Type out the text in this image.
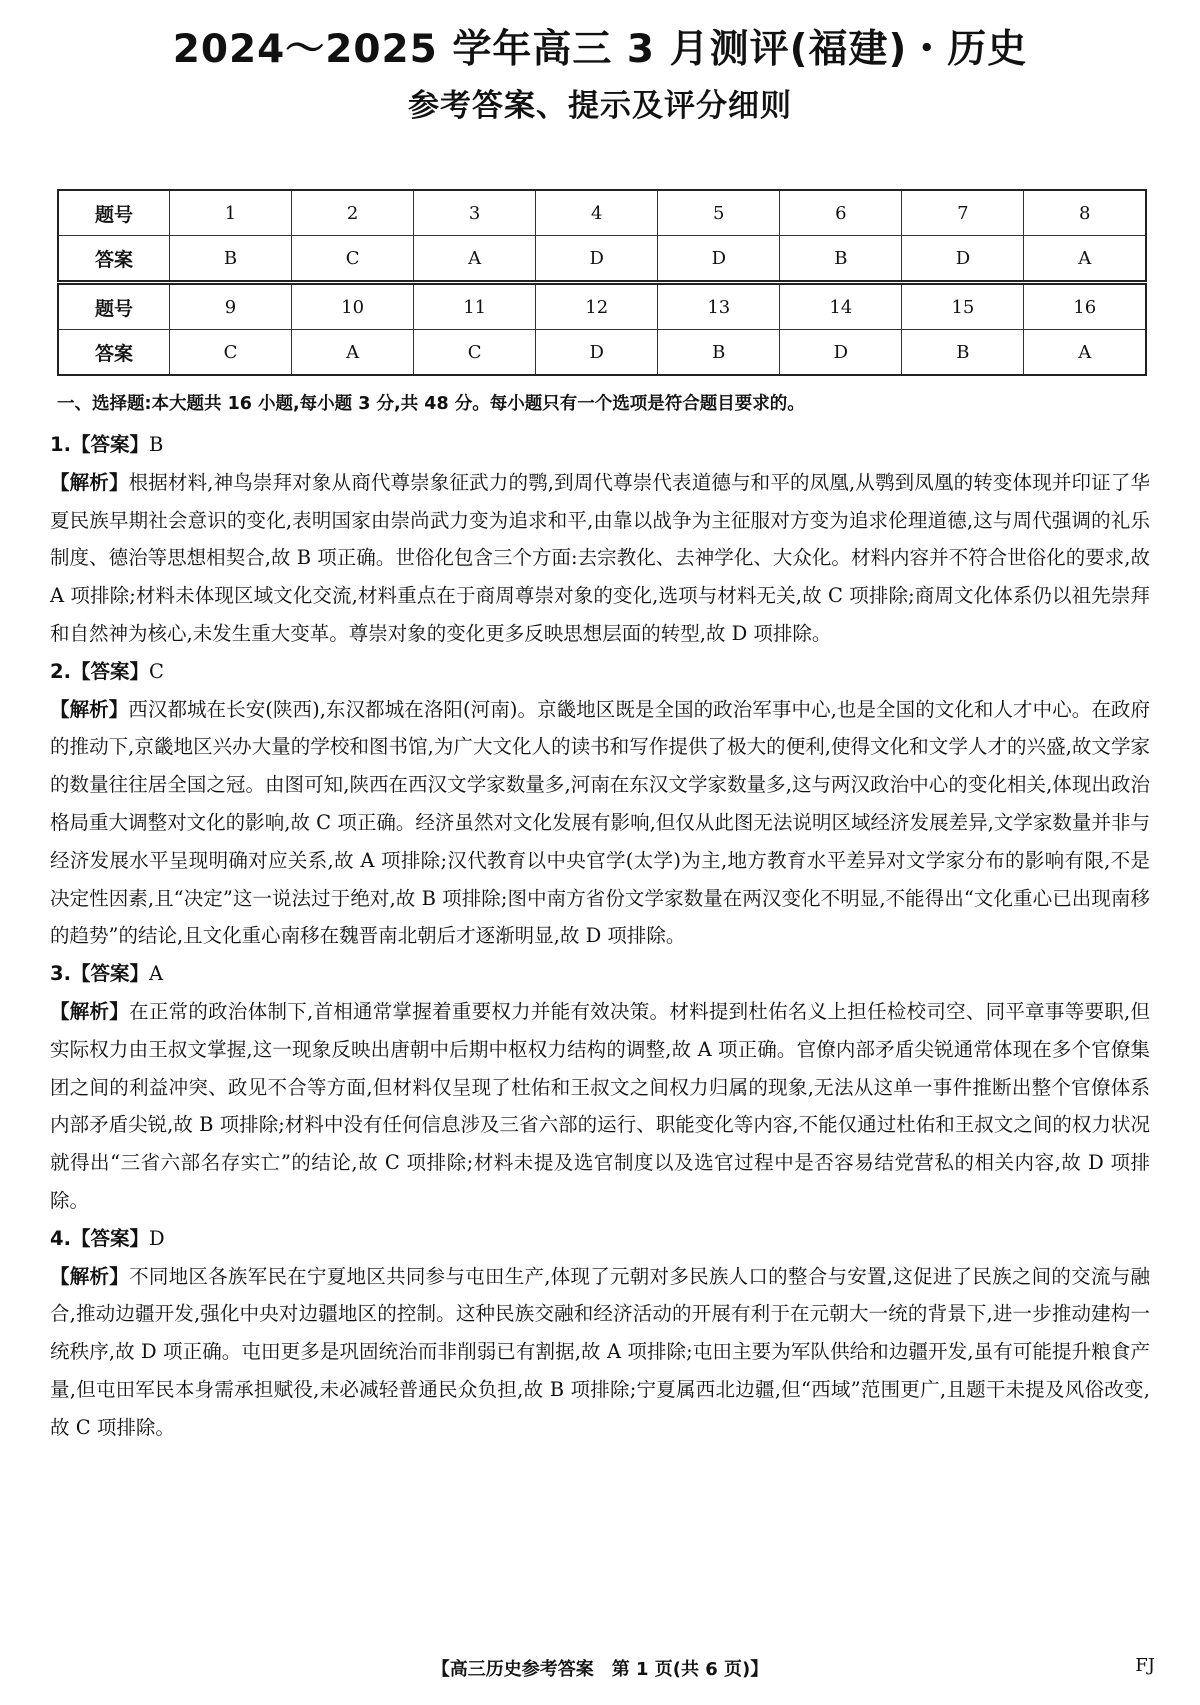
2024～2025 学年高三 3 月测评(福建)・历史
参考答案、提示及评分细则
题号	1	2	3	4	5	6	7	8
答案	B	C	A	D	D	B	D	A
题号	9	10	11	12	13	14	15	16
答案	C	A	C	D	B	D	B	A
一、选择题:本大题共 16 小题,每小题 3 分,共 48 分。每小题只有一个选项是符合题目要求的。

1.【答案】B

【解析】根据材料,神鸟崇拜对象从商代尊崇象征武力的鹗,到周代尊崇代表道德与和平的凤凰,从鹗到凤凰的转变体现并印证了华夏民族早期社会意识的变化,表明国家由崇尚武力变为追求和平,由靠以战争为主征服对方变为追求伦理道德,这与周代强调的礼乐制度、德治等思想相契合,故 B 项正确。世俗化包含三个方面:去宗教化、去神学化、大众化。材料内容并不符合世俗化的要求,故 A 项排除;材料未体现区域文化交流,材料重点在于商周尊崇对象的变化,选项与材料无关,故 C 项排除;商周文化体系仍以祖先崇拜和自然神为核心,未发生重大变革。尊崇对象的变化更多反映思想层面的转型,故 D 项排除。

2.【答案】C

【解析】西汉都城在长安(陕西),东汉都城在洛阳(河南)。京畿地区既是全国的政治军事中心,也是全国的文化和人才中心。在政府的推动下,京畿地区兴办大量的学校和图书馆,为广大文化人的读书和写作提供了极大的便利,使得文化和文学人才的兴盛,故文学家的数量往往居全国之冠。由图可知,陕西在西汉文学家数量多,河南在东汉文学家数量多,这与两汉政治中心的变化相关,体现出政治格局重大调整对文化的影响,故 C 项正确。经济虽然对文化发展有影响,但仅从此图无法说明区域经济发展差异,文学家数量并非与经济发展水平呈现明确对应关系,故 A 项排除;汉代教育以中央官学(太学)为主,地方教育水平差异对文学家分布的影响有限,不是决定性因素,且“决定”这一说法过于绝对,故 B 项排除;图中南方省份文学家数量在两汉变化不明显,不能得出“文化重心已出现南移的趋势”的结论,且文化重心南移在魏晋南北朝后才逐渐明显,故 D 项排除。

3.【答案】A

【解析】在正常的政治体制下,首相通常掌握着重要权力并能有效决策。材料提到杜佑名义上担任检校司空、同平章事等要职,但实际权力由王叔文掌握,这一现象反映出唐朝中后期中枢权力结构的调整,故 A 项正确。官僚内部矛盾尖锐通常体现在多个官僚集团之间的利益冲突、政见不合等方面,但材料仅呈现了杜佑和王叔文之间权力归属的现象,无法从这单一事件推断出整个官僚体系内部矛盾尖锐,故 B 项排除;材料中没有任何信息涉及三省六部的运行、职能变化等内容,不能仅通过杜佑和王叔文之间的权力状况就得出“三省六部名存实亡”的结论,故 C 项排除;材料未提及选官制度以及选官过程中是否容易结党营私的相关内容,故 D 项排除。

4.【答案】D

【解析】不同地区各族军民在宁夏地区共同参与屯田生产,体现了元朝对多民族人口的整合与安置,这促进了民族之间的交流与融合,推动边疆开发,强化中央对边疆地区的控制。这种民族交融和经济活动的开展有利于在元朝大一统的背景下,进一步推动建构一统秩序,故 D 项正确。屯田更多是巩固统治而非削弱已有割据,故 A 项排除;屯田主要为军队供给和边疆开发,虽有可能提升粮食产量,但屯田军民本身需承担赋役,未必减轻普通民众负担,故 B 项排除;宁夏属西北边疆,但“西域”范围更广,且题干未提及风俗改变,故 C 项排除。

【高三历史参考答案　第 1 页(共 6 页)】	FJ
